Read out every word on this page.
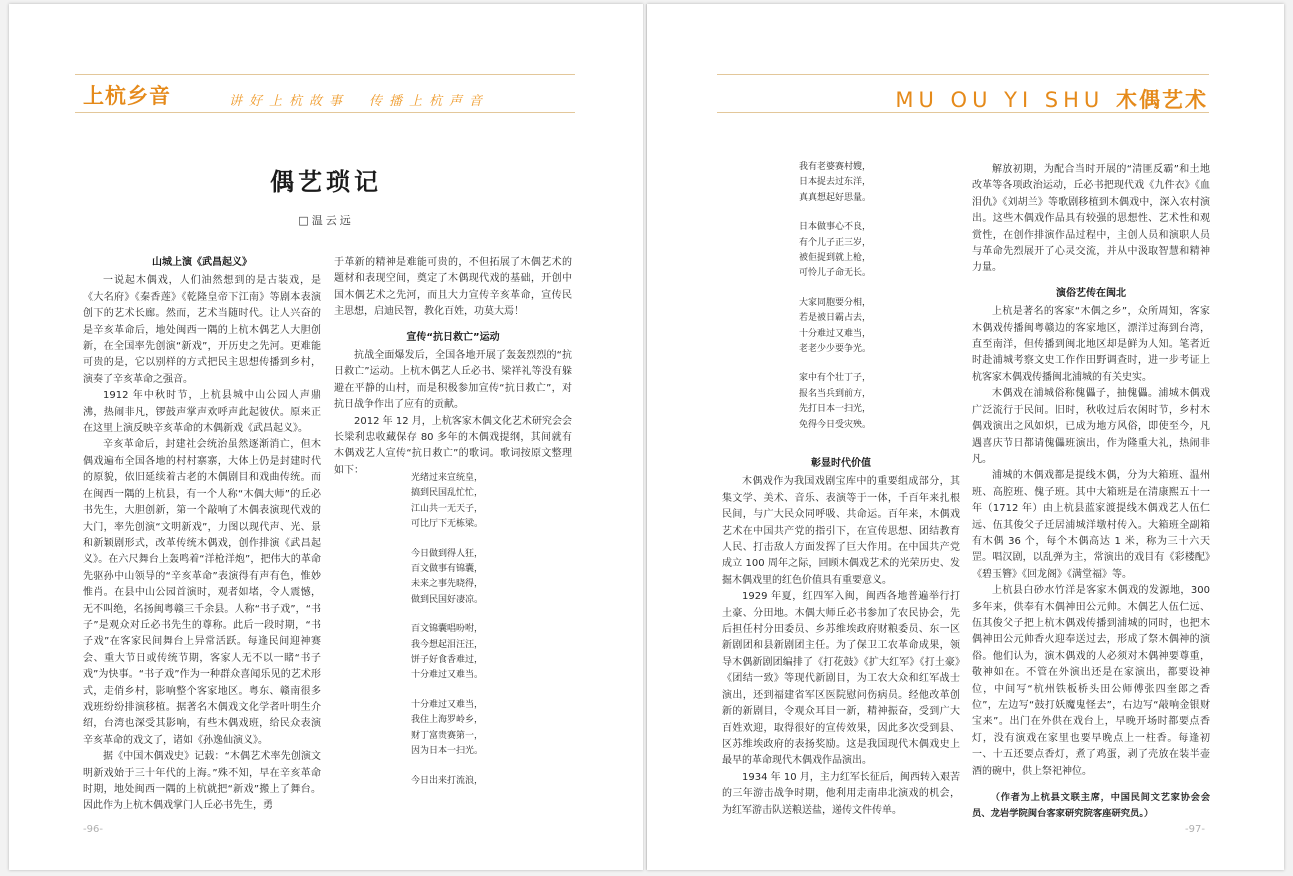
上杭乡音	讲好上杭故事　传播上杭声音
偶艺琐记
□温云远
山城上演《武昌起义》

一说起木偶戏，人们油然想到的是古装戏，是《大名府》《秦香莲》《乾隆皇帝下江南》等剧本表演创下的艺术长廊。然而，艺术当随时代。让人兴奋的是辛亥革命后，地处闽西一隅的上杭木偶艺人大胆创新，在全国率先创演“新戏”，开历史之先河。更难能可贵的是，它以别样的方式把民主思想传播到乡村，演奏了辛亥革命之强音。

1912 年中秋时节，上杭县城中山公园人声鼎沸，热闹非凡，锣鼓声掌声欢呼声此起彼伏。原来正在这里上演反映辛亥革命的木偶新戏《武昌起义》。

辛亥革命后，封建社会统治虽然逐渐消亡，但木偶戏遍布全国各地的村村寨寨，大体上仍是封建时代的原貌，依旧延续着古老的木偶剧目和戏曲传统。而在闽西一隅的上杭县，有一个人称“木偶大师”的丘必书先生，大胆创新，第一个敲响了木偶表演现代戏的大门，率先创演“文明新戏”，力图以现代声、光、景和新颖剧形式，改革传统木偶戏，创作排演《武昌起义》。在六尺舞台上轰鸣着“洋枪洋炮”，把伟大的革命先驱孙中山领导的“辛亥革命”表演得有声有色，惟妙惟肖。在县中山公园首演时，观者如堵，令人震憾，无不叫绝，名扬闽粤赣三千余县。人称“书子戏”，“书子”是观众对丘必书先生的尊称。此后一段时期，“书子戏”在客家民间舞台上异常活跃。每逢民间迎神赛会、重大节日或传统节期，客家人无不以一睹“书子戏”为快事。“书子戏”作为一种群众喜闻乐见的艺术形式，走俏乡村，影响整个客家地区。粤东、赣南很多戏班纷纷排演移植。据著名木偶戏文化学者叶明生介绍，台湾也深受其影响，有些木偶戏班，给民众表演辛亥革命的戏文了，诸如《孙逸仙演义》。

据《中国木偶戏史》记载：“木偶艺术率先创演文明新戏始于三十年代的上海。”殊不知，早在辛亥革命时期，地处闽西一隅的上杭就把“新戏”搬上了舞台。因此作为上杭木偶戏掌门人丘必书先生，勇

于革新的精神是难能可贵的，不但拓展了木偶艺术的题材和表现空间，奠定了木偶现代戏的基础，开创中国木偶艺术之先河，而且大力宣传辛亥革命，宣传民主思想，启迪民智，教化百姓，功莫大焉！

宣传“抗日救亡”运动

抗战全面爆发后，全国各地开展了轰轰烈烈的“抗日救亡”运动。上杭木偶艺人丘必书、梁祥礼等没有躲避在平静的山村，而是积极参加宣传“抗日救亡”，对抗日战争作出了应有的贡献。

2012 年 12 月，上杭客家木偶文化艺术研究会会长梁利忠收藏保存 80 多年的木偶戏提纲，其间就有木偶戏艺人宣传“抗日救亡”的歌词。歌词按原文整理如下：

光绪过来宣统皇，
搞到民国乱忙忙，
江山共一无天子，
可比厅下无栋梁。
今日做到得人狂，
百文做事有锦囊，
未来之事先晓得，
做到民国好凄凉。
百文锦囊唱吩咐，
我今想起泪汪汪，
饼子好食香难过，
十分难过又难当。
十分难过又难当，
我住上海罗岭乡，
财丁富贵赛第一，
因为日本一扫光。
今日出来打流浪，
-96-
MU OU YI SHU 木偶艺术
我有老婆赛村嫂，
日本捉去过东洋，
真真想起好思量。
日本做事心不良，
有个儿子正三岁，
被佢捉到就上枪，
可怜儿子命无长。
大家同胞要分相，
若是被日霸占去，
十分难过又难当，
老老少少要争光。
家中有个壮丁子，
报名当兵到前方，
先打日本一扫光，
免得今日受灾殃。
彰显时代价值

木偶戏作为我国戏剧宝库中的重要组成部分，其集文学、美术、音乐、表演等于一体，千百年来扎根民间，与广大民众同呼吸、共命运。百年来，木偶戏艺术在中国共产党的指引下，在宣传思想、团结教育人民、打击敌人方面发挥了巨大作用。在中国共产党成立 100 周年之际，回顾木偶戏艺术的光荣历史、发掘木偶戏里的红色价值具有重要意义。

1929 年夏，红四军入闽，闽西各地普遍举行打土豪、分田地。木偶大师丘必书参加了农民协会，先后担任村分田委员、乡苏维埃政府财粮委员、东一区新剧团和县新剧团主任。为了保卫工农革命成果，领导木偶新剧团编排了《打花鼓》《扩大红军》《打土豪》《团结一致》等现代新剧目，为工农大众和红军战士演出，还到福建省军区医院慰问伤病员。经他改革创新的新剧目，令观众耳目一新，精神振奋，受到广大百姓欢迎，取得很好的宣传效果，因此多次受到县、区苏维埃政府的表扬奖励。这是我国现代木偶戏史上最早的革命现代木偶戏作品演出。

1934 年 10 月，主力红军长征后，闽西转入艰苦的三年游击战争时期，他利用走南串北演戏的机会，为红军游击队送粮送盐，递传文件传单。

解放初期，为配合当时开展的“清匪反霸”和土地改革等各项政治运动，丘必书把现代戏《九件衣》《血泪仇》《刘胡兰》等歌剧移植到木偶戏中，深入农村演出。这些木偶戏作品具有较强的思想性、艺术性和观赏性，在创作排演作品过程中，主创人员和演职人员与革命先烈展开了心灵交流，并从中汲取智慧和精神力量。

演俗艺传在闽北

上杭是著名的客家“木偶之乡”，众所周知，客家木偶戏传播闽粤赣边的客家地区，漂洋过海到台湾，直至南洋，但传播到闽北地区却是鲜为人知。笔者近时赴浦城考察文史工作作田野调查时，进一步考证上杭客家木偶戏传播闽北浦城的有关史实。

木偶戏在浦城俗称傀儡子，抽傀儡。浦城木偶戏广泛流行于民间。旧时，秋收过后农闲时节，乡村木偶戏演出之风如炽，已成为地方风俗，即使至今，凡遇喜庆节日都请傀儡班演出，作为隆重大礼，热闹非凡。

浦城的木偶戏都是提线木偶，分为大箱班、温州班、高腔班、傀子班。其中大箱班是在清康熙五十一年（1712 年）由上杭县蓝家渡提线木偶戏艺人伍仁远、伍其俊父子迁居浦城洋墩村传入。大箱班全副箱有木偶 36 个，每个木偶高达 1 米，称为三十六天罡。唱汉剧，以乱弹为主，常演出的戏目有《彩楼配》《碧玉簪》《回龙阁》《满堂福》等。

上杭县白砂水竹洋是客家木偶戏的发源地，300 多年来，供奉有木偶神田公元帅。木偶艺人伍仁远、伍其俊父子把上杭木偶戏传播到浦城的同时，也把木偶神田公元帅香火迎奉送过去，形成了祭木偶神的演俗。他们认为，演木偶戏的人必须对木偶神要尊重，敬神如在。不管在外演出还是在家演出，都要设神位，中间写“杭州铁板桥头田公师傅张四奎郎之香位”，左边写“鼓打妖魔鬼怪去”，右边写“敲响金银财宝来”。出门在外供在戏台上，早晚开场时都要点香灯，没有演戏在家里也要早晚点上一柱香。每逢初一、十五还要点香灯，煮了鸡蛋，剥了壳放在装半壶酒的碗中，供上祭祀神位。

（作者为上杭县文联主席，中国民间文艺家协会会员、龙岩学院闽台客家研究院客座研究员。）

-97-
